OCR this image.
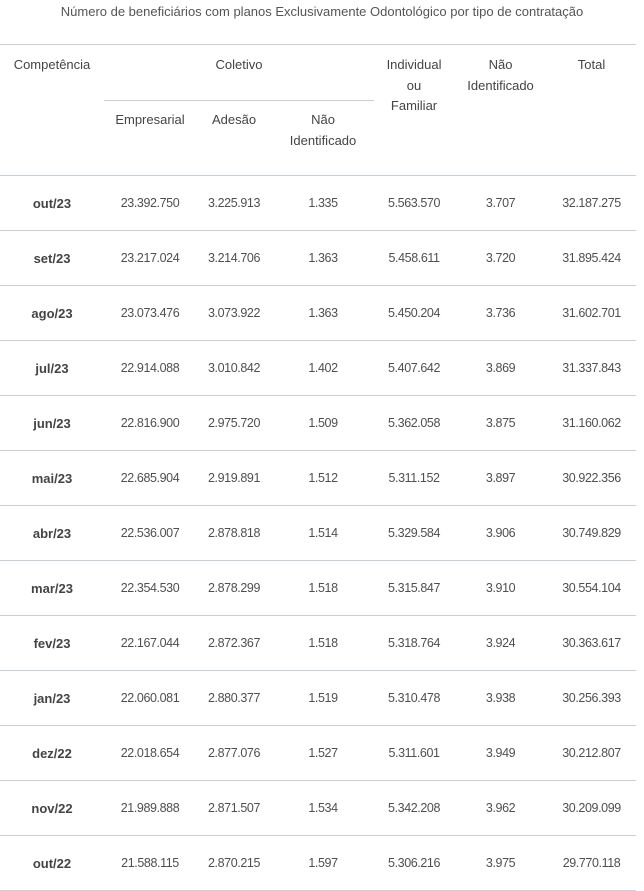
Número de beneficiários com planos Exclusivamente Odontológico por tipo de contratação
Competência	Coletivo			Individual ou Familiar	Não Identificado	Total
	Empresarial	Adesão	Não Identificado			
out/23	23.392.750	3.225.913	1.335	5.563.570	3.707	32.187.275
set/23	23.217.024	3.214.706	1.363	5.458.611	3.720	31.895.424
ago/23	23.073.476	3.073.922	1.363	5.450.204	3.736	31.602.701
jul/23	22.914.088	3.010.842	1.402	5.407.642	3.869	31.337.843
jun/23	22.816.900	2.975.720	1.509	5.362.058	3.875	31.160.062
mai/23	22.685.904	2.919.891	1.512	5.311.152	3.897	30.922.356
abr/23	22.536.007	2.878.818	1.514	5.329.584	3.906	30.749.829
mar/23	22.354.530	2.878.299	1.518	5.315.847	3.910	30.554.104
fev/23	22.167.044	2.872.367	1.518	5.318.764	3.924	30.363.617
jan/23	22.060.081	2.880.377	1.519	5.310.478	3.938	30.256.393
dez/22	22.018.654	2.877.076	1.527	5.311.601	3.949	30.212.807
nov/22	21.989.888	2.871.507	1.534	5.342.208	3.962	30.209.099
out/22	21.588.115	2.870.215	1.597	5.306.216	3.975	29.770.118
